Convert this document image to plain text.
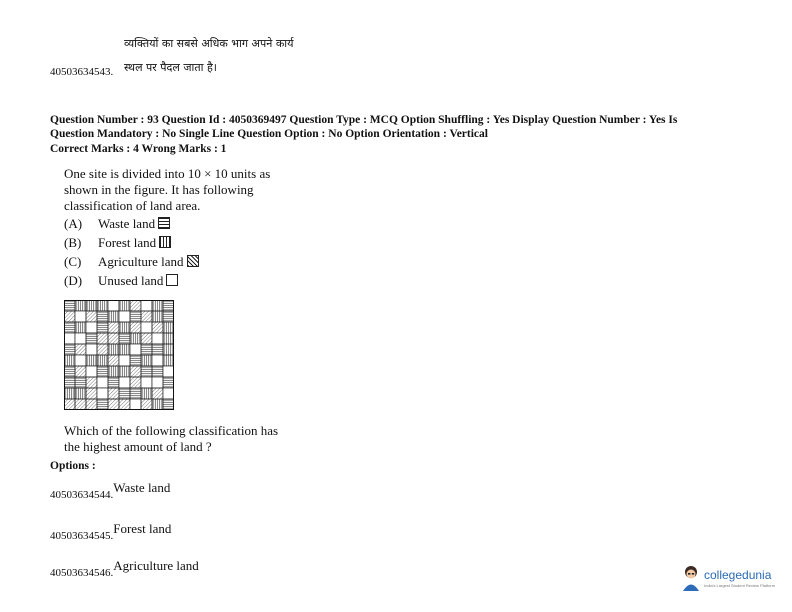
व्यक्तियों का सबसे अधिक भाग अपने कार्य
40503634543. स्थल पर पैदल जाता है।
Question Number : 93 Question Id : 4050369497 Question Type : MCQ Option Shuffling : Yes Display Question Number : Yes Is
Question Mandatory : No Single Line Question Option : No Option Orientation : Vertical
Correct Marks : 4 Wrong Marks : 1
One site is divided into 10 × 10 units as
shown in the figure. It has following
classification of land area.
(A) Waste land
(B) Forest land
(C) Agriculture land
(D) Unused land
Which of the following classification has
the highest amount of land ?
Options :
$_{40503634544.}$Waste land
$_{40503634545.}$Forest land
$_{40503634546.}$Agriculture land
collegedunia
India's Largest Student Review Platform
